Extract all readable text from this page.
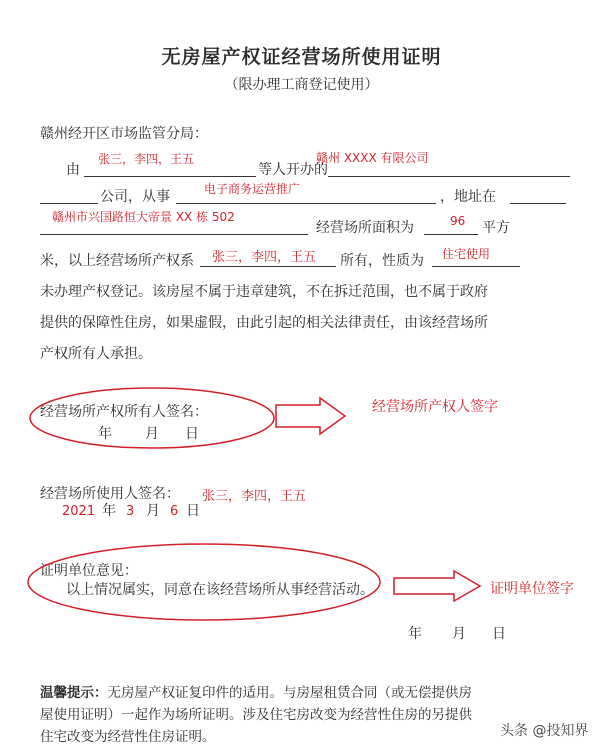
无房屋产权证经营场所使用证明
（限办理工商登记使用）
赣州经开区市场监管分局：
由
张三，李四，王五
等人开办的
赣州 XXXX 有限公司
公司，从事	电子商务运营推广	，地址在
赣州市兴国路恒大帝景 XX 栋 502
经营场所面积为	96 平方
米，以上经营场所产权系 张三，李四，王五 所有，性质为 住宅使用
未办理产权登记。该房屋不属于违章建筑，不在拆迁范围，也不属于政府
提供的保障性住房，如果虚假，由此引起的相关法律责任，由该经营场所
产权所有人承担。
经营场所产权所有人签名：
年 月 日
经营场所产权人签字
经营场所使用人签名： 张三，李四，王五
2021 年 3 月 6 日
证明单位意见：
以上情况属实，同意在该经营场所从事经营活动。	证明单位签字
年 月 日
温馨提示：无房屋产权证复印件的适用。与房屋租赁合同（或无偿提供房
屋使用证明）一起作为场所证明。涉及住宅房改变为经营性住房的另提供
住宅改变为经营性住房证明。	头条 @投知界
